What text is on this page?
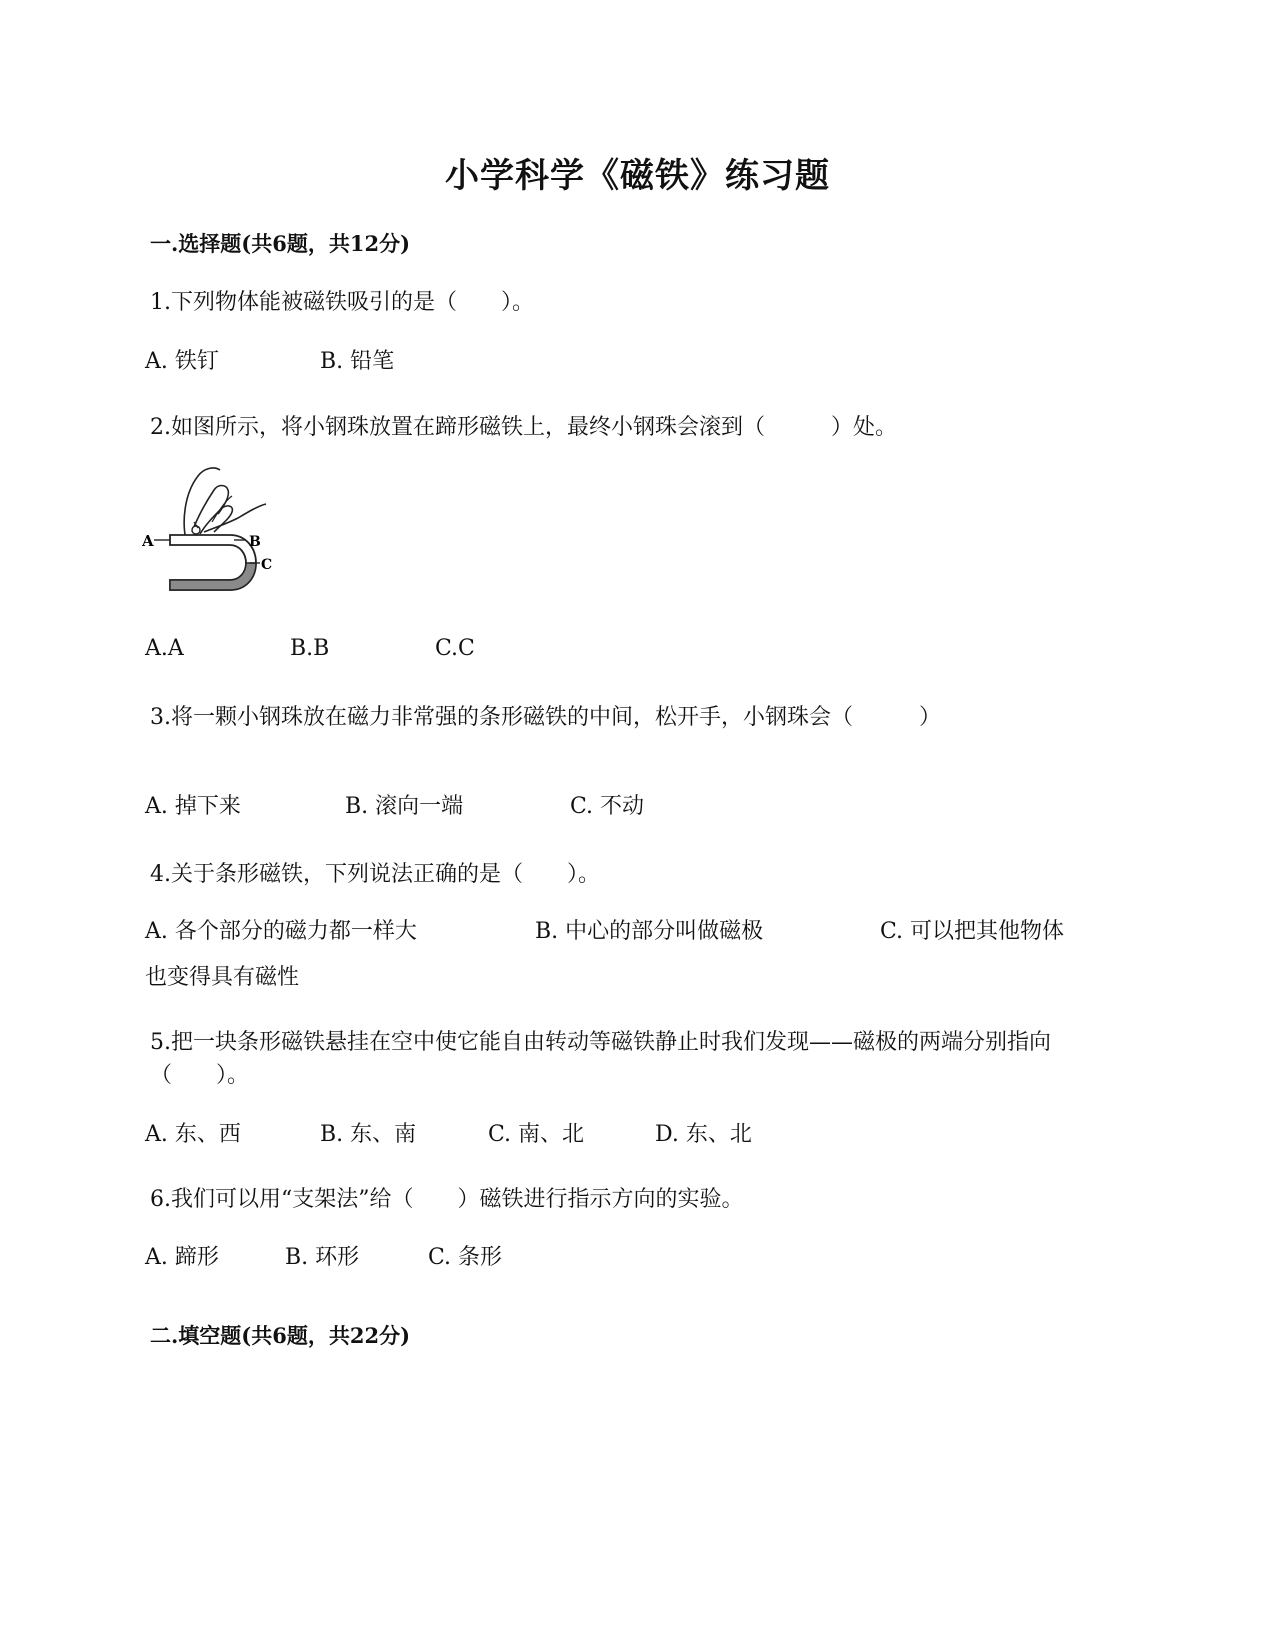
小学科学《磁铁》练习题
一.选择题(共6题，共12分)
1.下列物体能被磁铁吸引的是（　　）。
A. 铁钉	B. 铅笔
2.如图所示，将小钢珠放置在蹄形磁铁上，最终小钢珠会滚到（　　　）处。
A	B
C
A.A	B.B	C.C
3.将一颗小钢珠放在磁力非常强的条形磁铁的中间，松开手，小钢珠会（　　　）
A. 掉下来	B. 滚向一端	C. 不动
4.关于条形磁铁，下列说法正确的是（　　）。
A. 各个部分的磁力都一样大	B. 中心的部分叫做磁极	C. 可以把其他物体
也变得具有磁性
5.把一块条形磁铁悬挂在空中使它能自由转动等磁铁静止时我们发现——磁极的两端分别指向（　　）。
A. 东、西	B. 东、南	C. 南、北	D. 东、北
6.我们可以用“支架法”给（　　）磁铁进行指示方向的实验。
A. 蹄形	B. 环形	C. 条形
二.填空题(共6题，共22分)
